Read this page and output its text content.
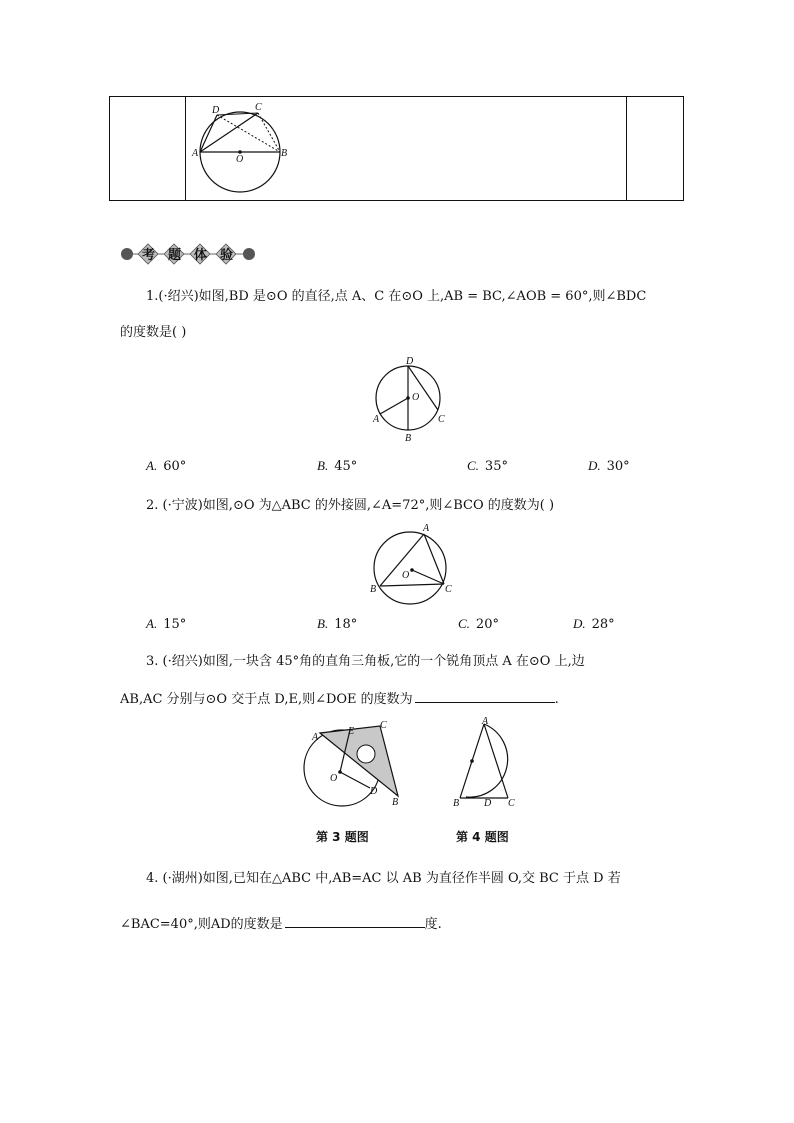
D	C
A
O
B
考 题 体 验
1.(·绍兴)如图,BD 是⊙O 的直径,点 A、C 在⊙O 上,AB = BC,∠AOB = 60°,则∠BDC
的度数是( )
D
O
A	C
B
A. 60°	B. 45°	C. 35°	D. 30°
2. (·宁波)如图,⊙O 为△ABC 的外接圆,∠A=72°,则∠BCO 的度数为( )
A
O
B	C
A. 15°	B. 18°	C. 20°	D. 28°
3. (·绍兴)如图,一块含 45°角的直角三角板,它的一个锐角顶点 A 在⊙O 上,边
AB,AC 分别与⊙O 交于点 D,E,则∠DOE 的度数为	.
A
E
C
O
D
B
A
B D C
第 3 题图	第 4 题图
4. (·湖州)如图,已知在△ABC 中,AB=AC 以 AB 为直径作半圆 O,交 BC 于点 D 若
∠BAC=40°,则AD的度数是	度.
